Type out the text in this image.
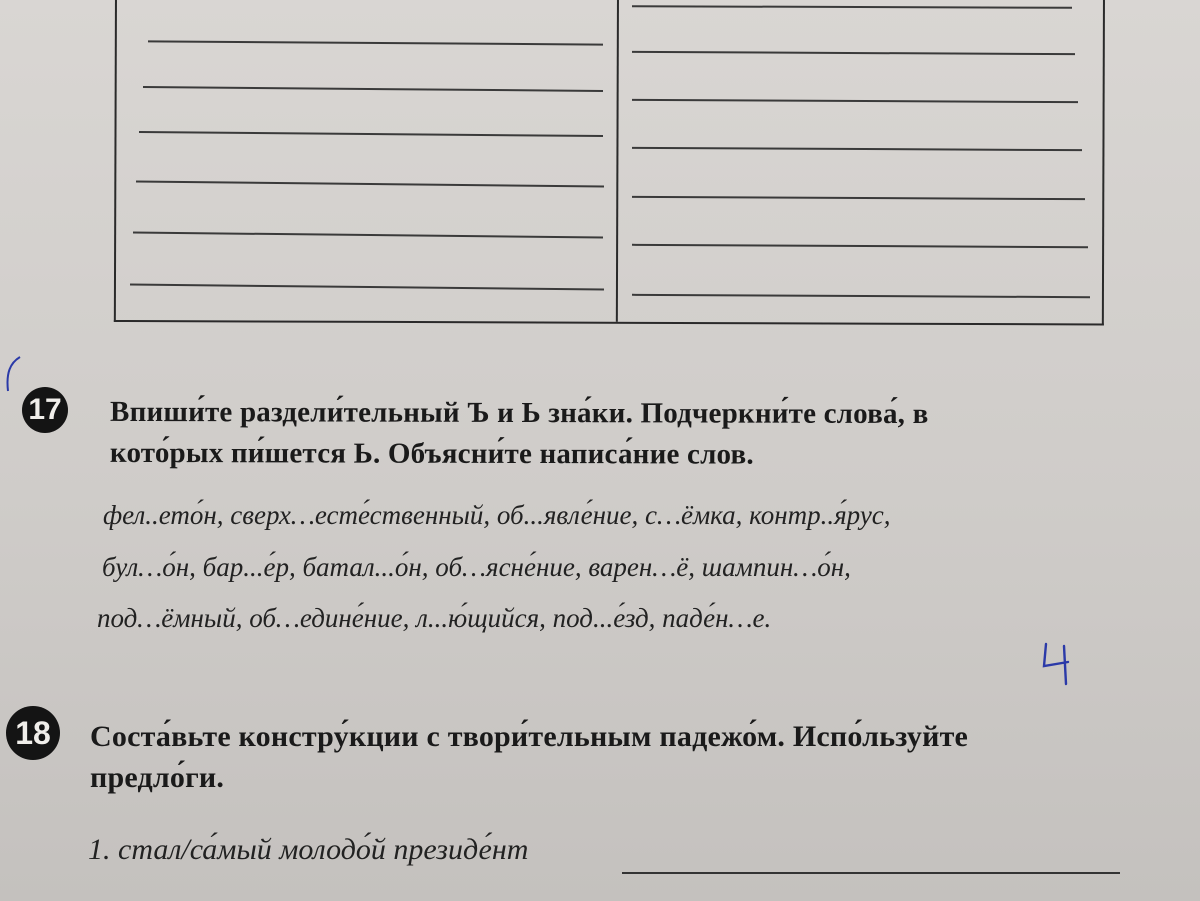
17 Впиши́те раздели́тельный Ъ и Ь зна́ки. Подчеркни́те слова́, в
кото́рых пи́шется Ь. Объясни́те написа́ние слов.
фел..ето́н, сверх…есте́ственный, об...явле́ние, с…ёмка, контр..я́рус,
бул…о́н, бар...е́р, батал...о́н, об…ясне́ние, варен…ё, шампин…о́н,
под…ёмный, об…едине́ние, л...ю́щийся, под...е́зд, паде́н…е.
18	Соста́вьте констру́кции с твори́тельным падежо́м. Испо́льзуйте
предло́ги.
1. стал/са́мый молодо́й президе́нт
